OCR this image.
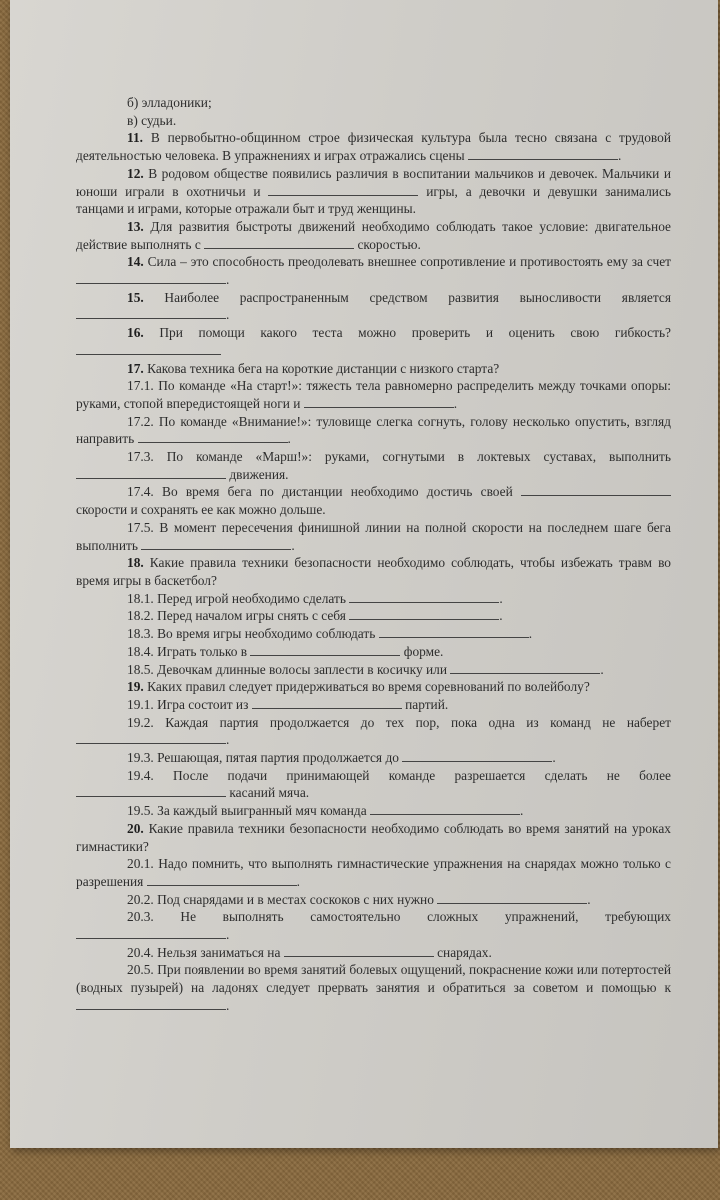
б) элладоники;

в) судьи.

11. В первобытно-общинном строе физическая культура была тесно связана с трудовой деятельностью человека. В упражнениях и играх отражались сцены	.

12. В родовом обществе появились различия в воспитании мальчиков и девочек. Мальчики и юноши играли в охотничьи и	игры, а девочки и девушки занимались танцами и играми, которые отражали быт и труд женщины.

13. Для развития быстроты движений необходимо соблюдать такое условие: двигательное действие выполнять с	скоростью.

14. Сила – это способность преодолевать внешнее сопротивление и противостоять ему за счет .

15. Наиболее распространенным средством развития выносливости является .

16. При помощи какого теста можно проверить и оценить свою гибкость?

17. Какова техника бега на короткие дистанции с низкого старта?

17.1. По команде «На старт!»: тяжесть тела равномерно распределить между точками опоры: руками, стопой впередистоящей ноги и	.

17.2. По команде «Внимание!»: туловище слегка согнуть, голову несколько опустить, взгляд направить	.

17.3. По команде «Марш!»: руками, согнутыми в локтевых суставах, выполнить  движения.

17.4. Во время бега по дистанции необходимо достичь своей  скорости и сохранять ее как можно дольше.

17.5. В момент пересечения финишной линии на полной скорости на последнем шаге бега выполнить	.

18. Какие правила техники безопасности необходимо соблюдать, чтобы избежать травм во время игры в баскетбол?

18.1. Перед игрой необходимо сделать	.

18.2. Перед началом игры снять с себя	.

18.3. Во время игры необходимо соблюдать	.

18.4. Играть только в	форме.

18.5. Девочкам длинные волосы заплести в косичку или	.

19. Каких правил следует придерживаться во время соревнований по волейболу?

19.1. Игра состоит из	партий.

19.2. Каждая партия продолжается до тех пор, пока одна из команд не наберет .

19.3. Решающая, пятая партия продолжается до	.

19.4. После подачи принимающей команде разрешается сделать не более  касаний мяча.

19.5. За каждый выигранный мяч команда	.

20. Какие правила техники безопасности необходимо соблюдать во время занятий на уроках гимнастики?

20.1. Надо помнить, что выполнять гимнастические упражнения на снарядах можно только с разрешения	.

20.2. Под снарядами и в местах соскоков с них нужно	.

20.3. Не выполнять самостоятельно сложных упражнений, требующих .

20.4. Нельзя заниматься на	снарядах.

20.5. При появлении во время занятий болевых ощущений, покраснение кожи или потертостей (водных пузырей) на ладонях следует прервать занятия и обратиться за советом и помощью к .
